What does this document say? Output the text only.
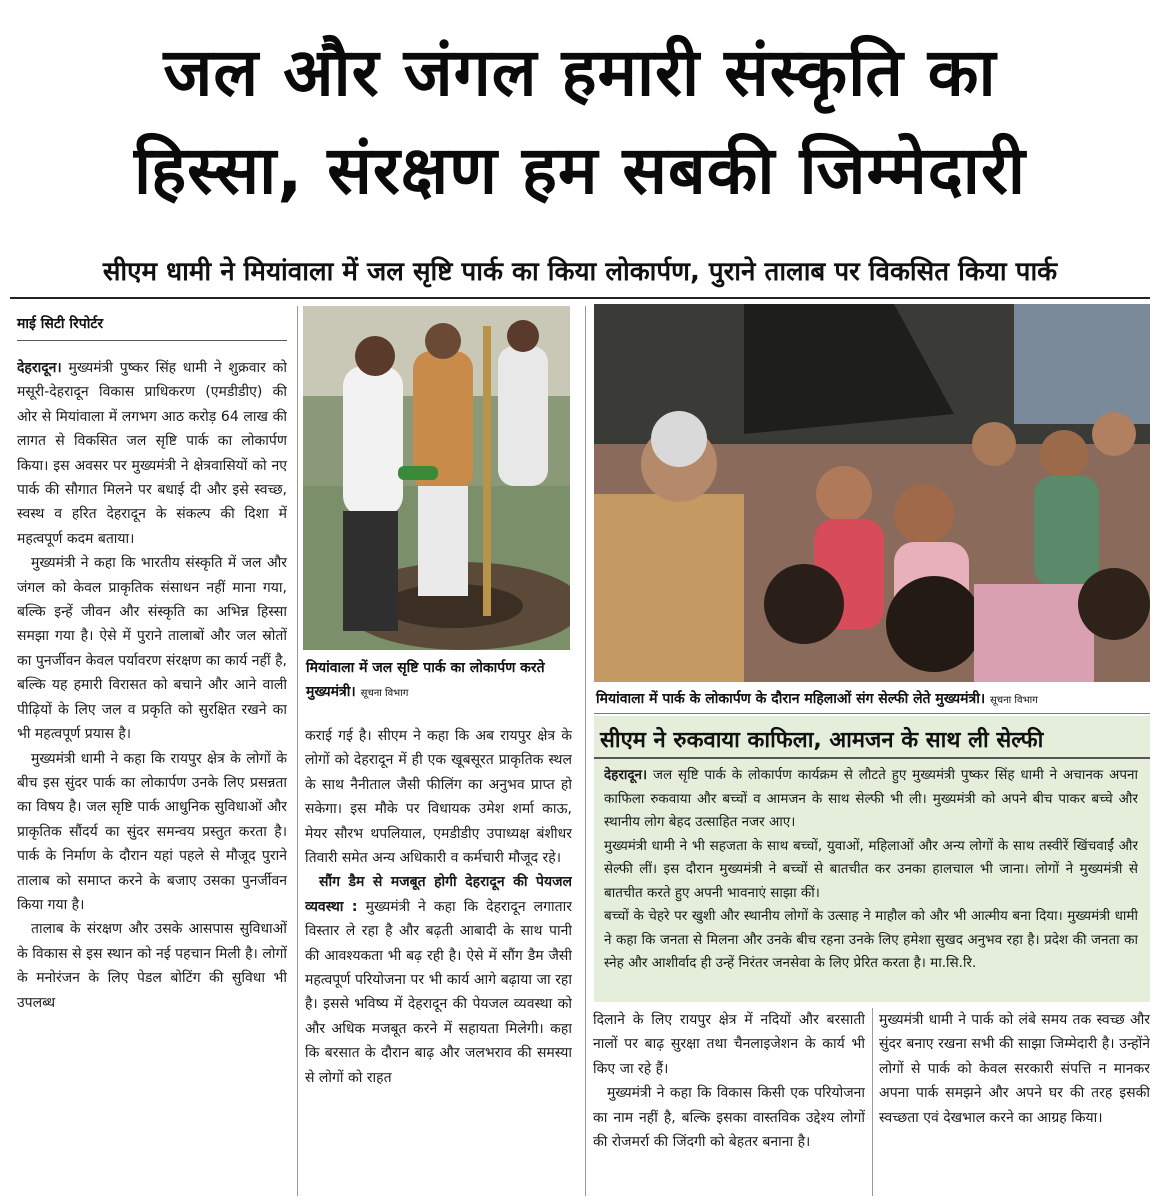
जल और जंगल हमारी संस्कृति का
हिस्सा, संरक्षण हम सबकी जिम्मेदारी
सीएम धामी ने मियांवाला में जल सृष्टि पार्क का किया लोकार्पण, पुराने तालाब पर विकसित किया पार्क
माई सिटी रिपोर्टर

देहरादून। मुख्यमंत्री पुष्कर सिंह धामी ने शुक्रवार को मसूरी-देहरादून विकास प्राधिकरण (एमडीडीए) की ओर से मियांवाला में लगभग आठ करोड़ 64 लाख की लागत से विकसित जल सृष्टि पार्क का लोकार्पण किया। इस अवसर पर मुख्यमंत्री ने क्षेत्रवासियों को नए पार्क की सौगात मिलने पर बधाई दी और इसे स्वच्छ, स्वस्थ व हरित देहरादून के संकल्प की दिशा में महत्वपूर्ण कदम बताया।

मुख्यमंत्री ने कहा कि भारतीय संस्कृति में जल और जंगल को केवल प्राकृतिक संसाधन नहीं माना गया, बल्कि इन्हें जीवन और संस्कृति का अभिन्न हिस्सा समझा गया है। ऐसे में पुराने तालाबों और जल स्रोतों का पुनर्जीवन केवल पर्यावरण संरक्षण का कार्य नहीं है, बल्कि यह हमारी विरासत को बचाने और आने वाली पीढ़ियों के लिए जल व प्रकृति को सुरक्षित रखने का भी महत्वपूर्ण प्रयास है।

मुख्यमंत्री धामी ने कहा कि रायपुर क्षेत्र के लोगों के बीच इस सुंदर पार्क का लोकार्पण उनके लिए प्रसन्नता का विषय है। जल सृष्टि पार्क आधुनिक सुविधाओं और प्राकृतिक सौंदर्य का सुंदर समन्वय प्रस्तुत करता है। पार्क के निर्माण के दौरान यहां पहले से मौजूद पुराने तालाब को समाप्त करने के बजाए उसका पुनर्जीवन किया गया है।

तालाब के संरक्षण और उसके आसपास सुविधाओं के विकास से इस स्थान को नई पहचान मिली है। लोगों के मनोरंजन के लिए पेडल बोटिंग की सुविधा भी उपलब्ध

मियांवाला में जल सृष्टि पार्क का लोकार्पण करते मुख्यमंत्री। सूचना विभाग	मियांवाला में पार्क के लोकार्पण के दौरान महिलाओं संग सेल्फी लेते मुख्यमंत्री। सूचना विभाग

कराई गई है। सीएम ने कहा कि अब रायपुर क्षेत्र के लोगों को देहरादून में ही एक खूबसूरत प्राकृतिक स्थल के साथ नैनीताल जैसी फीलिंग का अनुभव प्राप्त हो सकेगा। इस मौके पर विधायक उमेश शर्मा काऊ, मेयर सौरभ थपलियाल, एमडीडीए उपाध्यक्ष बंशीधर तिवारी समेत अन्य अधिकारी व कर्मचारी मौजूद रहे।

सौंग डैम से मजबूत होगी देहरादून की पेयजल व्यवस्था : मुख्यमंत्री ने कहा कि देहरादून लगातार विस्तार ले रहा है और बढ़ती आबादी के साथ पानी की आवश्यकता भी बढ़ रही है। ऐसे में सौंग डैम जैसी महत्वपूर्ण परियोजना पर भी कार्य आगे बढ़ाया जा रहा है। इससे भविष्य में देहरादून की पेयजल व्यवस्था को और अधिक मजबूत करने में सहायता मिलेगी। कहा कि बरसात के दौरान बाढ़ और जलभराव की समस्या से लोगों को राहत

सीएम ने रुकवाया काफिला, आमजन के साथ ली सेल्फी

देहरादून। जल सृष्टि पार्क के लोकार्पण कार्यक्रम से लौटते हुए मुख्यमंत्री पुष्कर सिंह धामी ने अचानक अपना काफिला रुकवाया और बच्चों व आमजन के साथ सेल्फी भी ली। मुख्यमंत्री को अपने बीच पाकर बच्चे और स्थानीय लोग बेहद उत्साहित नजर आए।

मुख्यमंत्री धामी ने भी सहजता के साथ बच्चों, युवाओं, महिलाओं और अन्य लोगों के साथ तस्वीरें खिंचवाईं और सेल्फी लीं। इस दौरान मुख्यमंत्री ने बच्चों से बातचीत कर उनका हालचाल भी जाना। लोगों ने मुख्यमंत्री से बातचीत करते हुए अपनी भावनाएं साझा कीं।

बच्चों के चेहरे पर खुशी और स्थानीय लोगों के उत्साह ने माहौल को और भी आत्मीय बना दिया। मुख्यमंत्री धामी ने कहा कि जनता से मिलना और उनके बीच रहना उनके लिए हमेशा सुखद अनुभव रहा है। प्रदेश की जनता का स्नेह और आशीर्वाद ही उन्हें निरंतर जनसेवा के लिए प्रेरित करता है। मा.सि.रि.

दिलाने के लिए रायपुर क्षेत्र में नदियों और बरसाती नालों पर बाढ़ सुरक्षा तथा चैनलाइजेशन के कार्य भी किए जा रहे हैं।

मुख्यमंत्री ने कहा कि विकास किसी एक परियोजना का नाम नहीं है, बल्कि इसका वास्तविक उद्देश्य लोगों की रोजमर्रा की जिंदगी को बेहतर बनाना है।

मुख्यमंत्री धामी ने पार्क को लंबे समय तक स्वच्छ और सुंदर बनाए रखना सभी की साझा जिम्मेदारी है। उन्होंने लोगों से पार्क को केवल सरकारी संपत्ति न मानकर अपना पार्क समझने और अपने घर की तरह इसकी स्वच्छता एवं देखभाल करने का आग्रह किया।
